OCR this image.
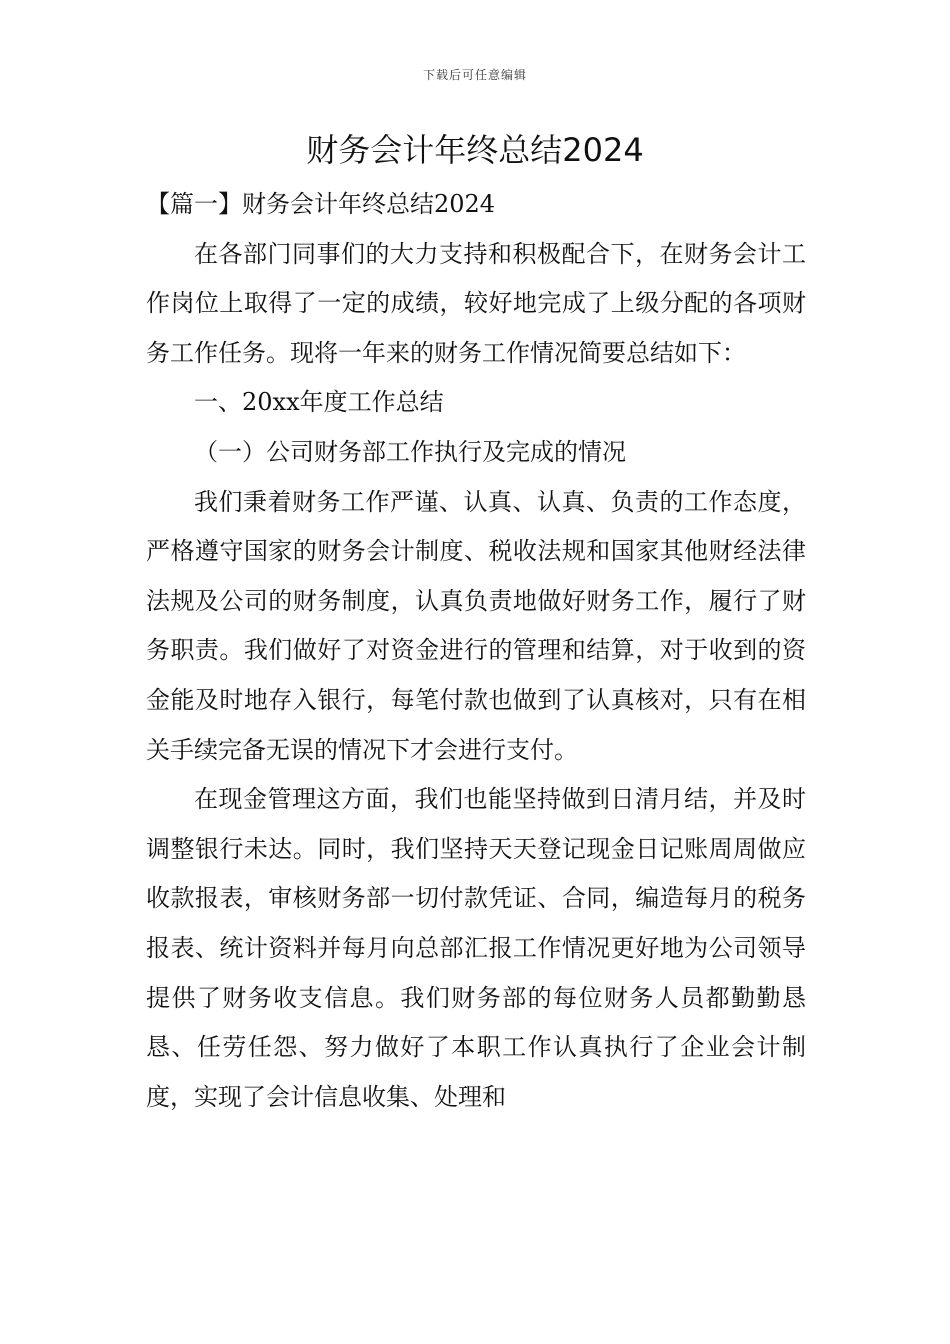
下载后可任意编辑
财务会计年终总结2024

【篇一】财务会计年终总结2024

在各部门同事们的大力支持和积极配合下，在财务会计工作岗位上取得了一定的成绩，较好地完成了上级分配的各项财务工作任务。现将一年来的财务工作情况简要总结如下：

一、20xx年度工作总结

（一）公司财务部工作执行及完成的情况

我们秉着财务工作严谨、认真、认真、负责的工作态度，严格遵守国家的财务会计制度、税收法规和国家其他财经法律法规及公司的财务制度，认真负责地做好财务工作，履行了财务职责。我们做好了对资金进行的管理和结算，对于收到的资金能及时地存入银行，每笔付款也做到了认真核对，只有在相关手续完备无误的情况下才会进行支付。

在现金管理这方面，我们也能坚持做到日清月结，并及时调整银行未达。同时，我们坚持天天登记现金日记账周周做应收款报表，审核财务部一切付款凭证、合同，编造每月的税务报表、统计资料并每月向总部汇报工作情况更好地为公司领导提供了财务收支信息。我们财务部的每位财务人员都勤勤恳恳、任劳任怨、努力做好了本职工作认真执行了企业会计制度，实现了会计信息收集、处理和
